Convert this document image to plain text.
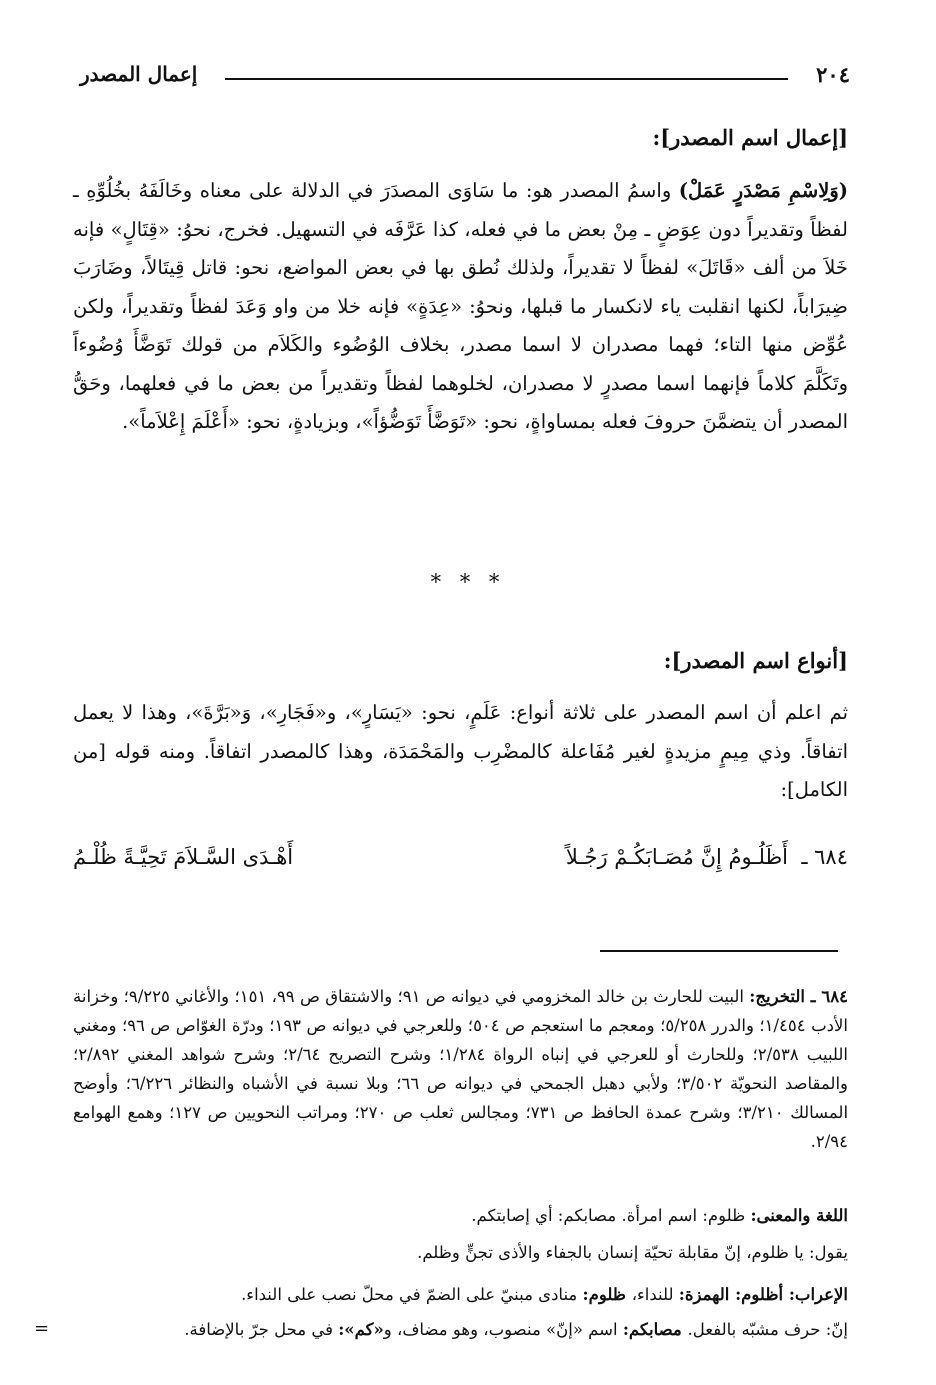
٢٠٤
إعمال المصدر
[إعمال اسم المصدر]:
(وَلِاسْمِ مَصْدَرٍ عَمَلْ) واسمُ المصدر هو: ما سَاوَى المصدَرَ في الدلالة على معناه وخَالَفَهُ بخُلُوِّهِ ـ لفظاً وتقديراً دون عِوَضٍ ـ مِنْ بعض ما في فعله، كذا عَرَّفَه في التسهيل. فخرج، نحوُ: «قِتَالٍ» فإنه خَلاَ من ألف «قَاتَلَ» لفظاً لا تقديراً، ولذلك نُطق بها في بعض المواضع، نحو: قاتل قِيتَالاً، وضَارَبَ ضِيرَاباً، لكنها انقلبت ياء لانكسار ما قبلها، ونحوُ: «عِدَةٍ» فإنه خلا من واو وَعَدَ لفظاً وتقديراً، ولكن عُوِّض منها التاء؛ فهما مصدران لا اسما مصدر، بخلاف الوُضُوء والكَلاَم من قولك تَوَضَّأَ وُضُوءاً وتَكَلَّمَ كلاماً فإنهما اسما مصدرٍ لا مصدران، لخلوهما لفظاً وتقديراً من بعض ما في فعلهما، وحَقُّ المصدر أن يتضمَّنَ حروفَ فعله بمساواةٍ، نحو: «تَوَضَّأَ تَوَضُّؤاً»، وبزيادةٍ، نحو: «أَعْلَمَ إِعْلاَماً».
* * *
[أنواع اسم المصدر]:
ثم اعلم أن اسم المصدر على ثلاثة أنواع: عَلَمٍ، نحو: «يَسَارٍ»، و«فَجَارِ»، وَ«بَرَّةَ»، وهذا لا يعمل اتفاقاً. وذي مِيمٍ مزيدةٍ لغير مُفَاعلة كالمضْرِب والمَحْمَدَة، وهذا كالمصدر اتفاقاً. ومنه قوله [من الكامل]:
٦٨٤ ـ
أَظَلُـومُ إِنَّ مُصَـابَكُـمْ رَجُـلاً
أَهْـدَى السَّـلاَمَ تَحِيَّـةً ظُلْـمُ
٦٨٤ ـ التخريج: البيت للحارث بن خالد المخزومي في ديوانه ص ٩١؛ والاشتقاق ص ٩٩، ١٥١؛ والأغاني ٩/٢٢٥؛ وخزانة الأدب ١/٤٥٤؛ والدرر ٥/٢٥٨؛ ومعجم ما استعجم ص ٥٠٤؛ وللعرجي في ديوانه ص ١٩٣؛ ودرّة الغوّاص ص ٩٦؛ ومغني اللبيب ٢/٥٣٨؛ وللحارث أو للعرجي في إنباه الرواة ١/٢٨٤؛ وشرح التصريح ٢/٦٤؛ وشرح شواهد المغني ٢/٨٩٢؛ والمقاصد النحويّة ٣/٥٠٢؛ ولأبي دهبل الجمحي في ديوانه ص ٦٦؛ وبلا نسبة في الأشباه والنظائر ٦/٢٢٦؛ وأوضح المسالك ٣/٢١٠؛ وشرح عمدة الحافظ ص ٧٣١؛ ومجالس ثعلب ص ٢٧٠؛ ومراتب النحويين ص ١٢٧؛ وهمع الهوامع ٢/٩٤.
اللغة والمعنى: ظلوم: اسم امرأة. مصابكم: أي إصابتكم.
يقول: يا ظلوم، إنّ مقابلة تحيّة إنسان بالجفاء والأذى تجنٍّ وظلم.
الإعراب: أظلوم: الهمزة: للنداء، ظلوم: منادى مبنيّ على الضمّ في محلّ نصب على النداء.
إنّ: حرف مشبّه بالفعل. مصابكم: اسم «إنّ» منصوب، وهو مضاف، و«كم»: في محل جرّ بالإضافة.
=
